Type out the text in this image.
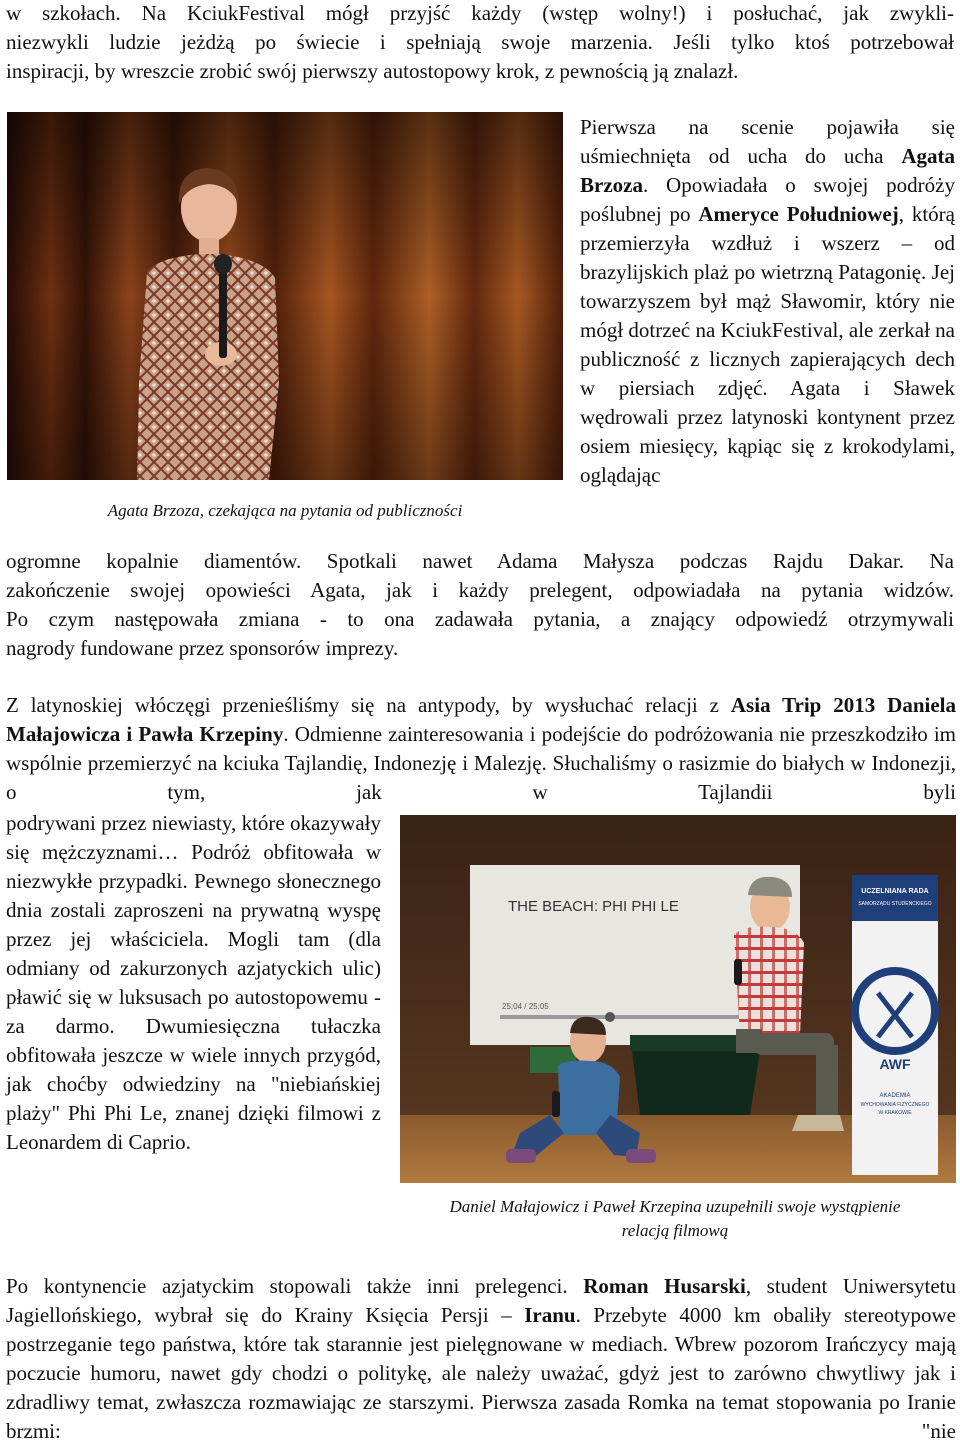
w szkołach. Na KciukFestival mógł przyjść każdy (wstęp wolny!) i posłuchać, jak zwykli-

niezwykli ludzie jeżdżą po świecie i spełniają swoje marzenia. Jeśli tylko ktoś potrzebował

inspiracji, by wreszcie zrobić swój pierwszy autostopowy krok, z pewnością ją znalazł.

Agata Brzoza, czekająca na pytania od publiczności

Pierwsza na scenie pojawiła się uśmiechnięta od ucha do ucha Agata Brzoza. Opowiadała o swojej podróży poślubnej po Ameryce Południowej, którą przemierzyła wzdłuż i wszerz – od brazylijskich plaż po wietrzną Patagonię. Jej towarzyszem był mąż Sławomir, który nie mógł dotrzeć na KciukFestival, ale zerkał na publiczność z licznych zapierających dech w piersiach zdjęć. Agata i Sławek wędrowali przez latynoski kontynent przez osiem miesięcy, kąpiąc się z krokodylami, oglądając

ogromne kopalnie diamentów. Spotkali nawet Adama Małysza podczas Rajdu Dakar. Na

zakończenie swojej opowieści Agata, jak i każdy prelegent, odpowiadała na pytania widzów.

Po czym następowała zmiana - to ona zadawała pytania, a znający odpowiedź otrzymywali

nagrody fundowane przez sponsorów imprezy.

Z latynoskiej włóczęgi przenieśliśmy się na antypody, by wysłuchać relacji z Asia Trip 2013 Daniela Małajowicza i Pawła Krzepiny. Odmienne zainteresowania i podejście do podróżowania nie przeszkodziło im wspólnie przemierzyć na kciuka Tajlandię, Indonezję i Malezję. Słuchaliśmy o rasizmie do białych w Indonezji, o tym, jak w Tajlandii byli

podrywani przez niewiasty, które okazywały się mężczyznami… Podróż obfitowała w niezwykłe przypadki. Pewnego słonecznego dnia zostali zaproszeni na prywatną wyspę przez jej właściciela. Mogli tam (dla odmiany od zakurzonych azjatyckich ulic) pławić się w luksusach po autostopowemu - za darmo. Dwumiesięczna tułaczka obfitowała jeszcze w wiele innych przygód, jak choćby odwiedziny na "niebiańskiej plaży" Phi Phi Le, znanej dzięki filmowi z Leonardem di Caprio.

THE BEACH: PHI PHI LE
25:04 / 25:05
UCZELNIANA RADA
SAMORZĄDU STUDENCKIEGO
KRAKÓW
AWF
AKADEMIA
WYCHOWANIA FIZYCZNEGO
W KRAKOWIE

Daniel Małajowicz i Paweł Krzepina uzupełnili swoje wystąpienie relacją filmową

Po kontynencie azjatyckim stopowali także inni prelegenci. Roman Husarski, student Uniwersytetu Jagiellońskiego, wybrał się do Krainy Księcia Persji – Iranu. Przebyte 4000 km obaliły stereotypowe postrzeganie tego państwa, które tak starannie jest pielęgnowane w mediach. Wbrew pozorom Irańczycy mają poczucie humoru, nawet gdy chodzi o politykę, ale należy uważać, gdyż jest to zarówno chwytliwy jak i zdradliwy temat, zwłaszcza rozmawiając ze starszymi. Pierwsza zasada Romka na temat stopowania po Iranie brzmi: "nie
